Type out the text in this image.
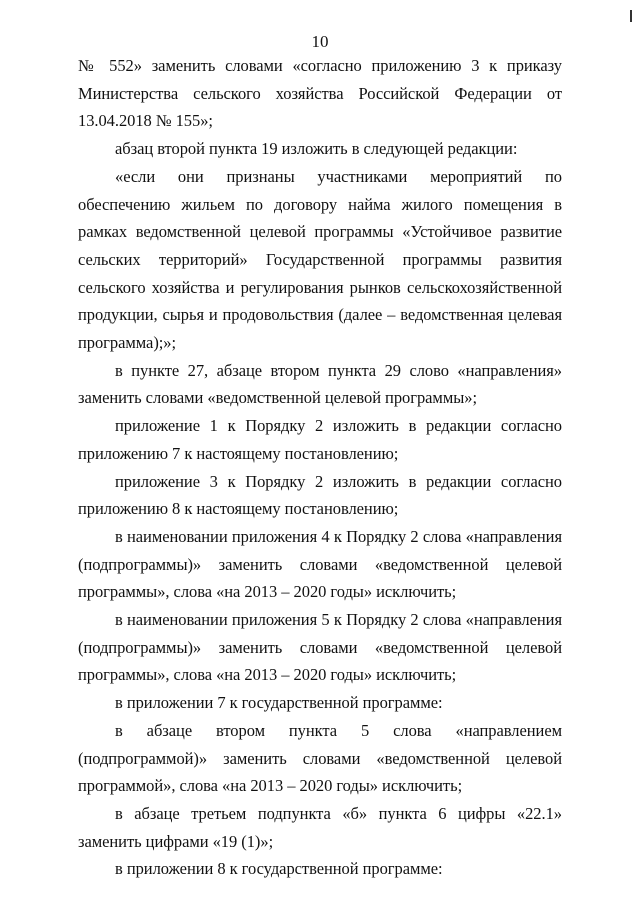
10

№ 552» заменить словами «согласно приложению 3 к приказу Министерства сельского хозяйства Российской Федерации от 13.04.2018 № 155»;

абзац второй пункта 19 изложить в следующей редакции:

«если они признаны участниками мероприятий по обеспечению жильем по договору найма жилого помещения в рамках ведомственной целевой программы «Устойчивое развитие сельских территорий» Государственной программы развития сельского хозяйства и регулирования рынков сельскохозяйственной продукции, сырья и продовольствия (далее – ведомственная целевая программа);»;

в пункте 27, абзаце втором пункта 29 слово «направления» заменить словами «ведомственной целевой программы»;

приложение 1 к Порядку 2 изложить в редакции согласно приложению 7 к настоящему постановлению;

приложение 3 к Порядку 2 изложить в редакции согласно приложению 8 к настоящему постановлению;

в наименовании приложения 4 к Порядку 2 слова «направления (подпрограммы)» заменить словами «ведомственной целевой программы», слова «на 2013 – 2020 годы» исключить;

в наименовании приложения 5 к Порядку 2 слова «направления (подпрограммы)» заменить словами «ведомственной целевой программы», слова «на 2013 – 2020 годы» исключить;

в приложении 7 к государственной программе:

в абзаце втором пункта 5 слова «направлением (подпрограммой)» заменить словами «ведомственной целевой программой», слова «на 2013 – 2020 годы» исключить;

в абзаце третьем подпункта «б» пункта 6 цифры «22.1» заменить цифрами «19 (1)»;

в приложении 8 к государственной программе:
